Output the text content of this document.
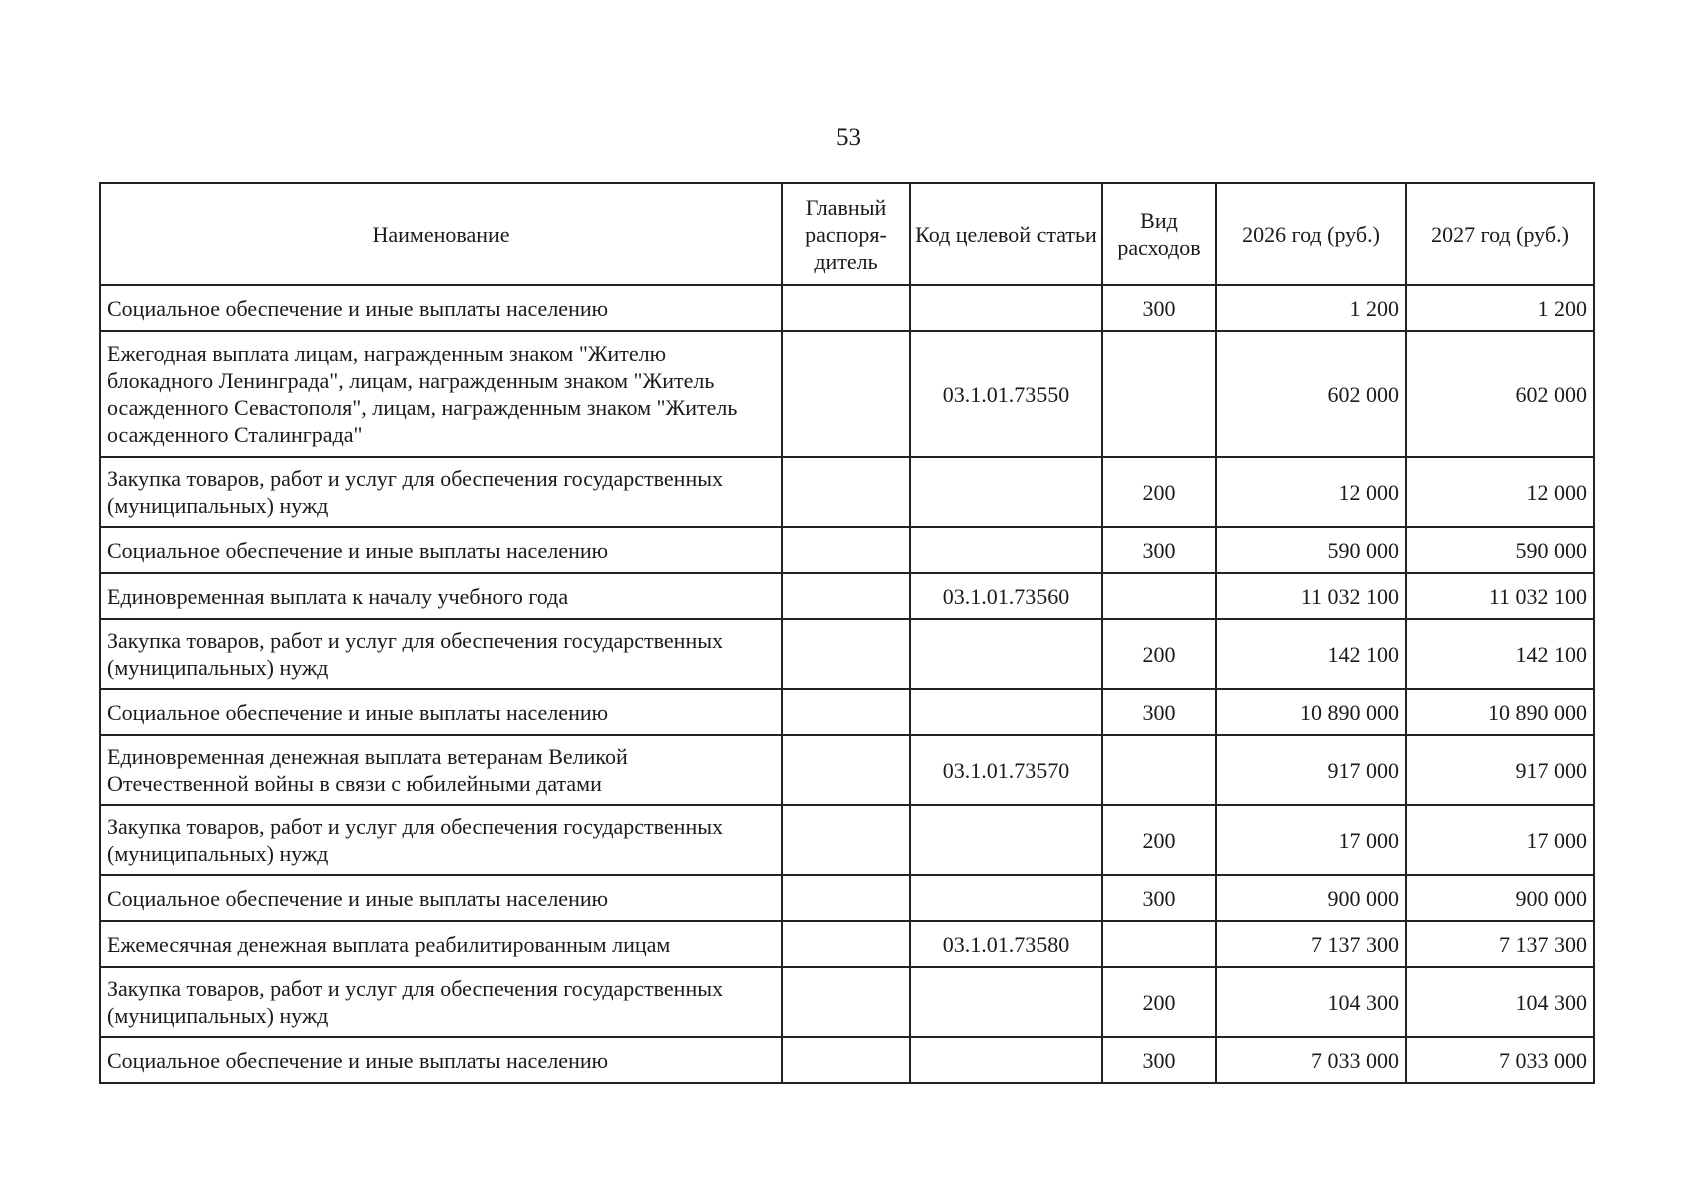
53
Наименование	Главный распоря-дитель	Код целевой статьи	Вид расходов	2026 год (руб.)	2027 год (руб.)
Социальное обеспечение и иные выплаты населению			300	1 200	1 200
Ежегодная выплата лицам, награжденным знаком "Жителю блокадного Ленинграда", лицам, награжденным знаком "Житель осажденного Севастополя", лицам, награжденным знаком "Житель осажденного Сталинграда"		03.1.01.73550		602 000	602 000
Закупка товаров, работ и услуг для обеспечения государственных (муниципальных) нужд			200	12 000	12 000
Социальное обеспечение и иные выплаты населению			300	590 000	590 000
Единовременная выплата к началу учебного года		03.1.01.73560		11 032 100	11 032 100
Закупка товаров, работ и услуг для обеспечения государственных (муниципальных) нужд			200	142 100	142 100
Социальное обеспечение и иные выплаты населению			300	10 890 000	10 890 000
Единовременная денежная выплата ветеранам Великой Отечественной войны в связи с юбилейными датами		03.1.01.73570		917 000	917 000
Закупка товаров, работ и услуг для обеспечения государственных (муниципальных) нужд			200	17 000	17 000
Социальное обеспечение и иные выплаты населению			300	900 000	900 000
Ежемесячная денежная выплата реабилитированным лицам		03.1.01.73580		7 137 300	7 137 300
Закупка товаров, работ и услуг для обеспечения государственных (муниципальных) нужд			200	104 300	104 300
Социальное обеспечение и иные выплаты населению			300	7 033 000	7 033 000
